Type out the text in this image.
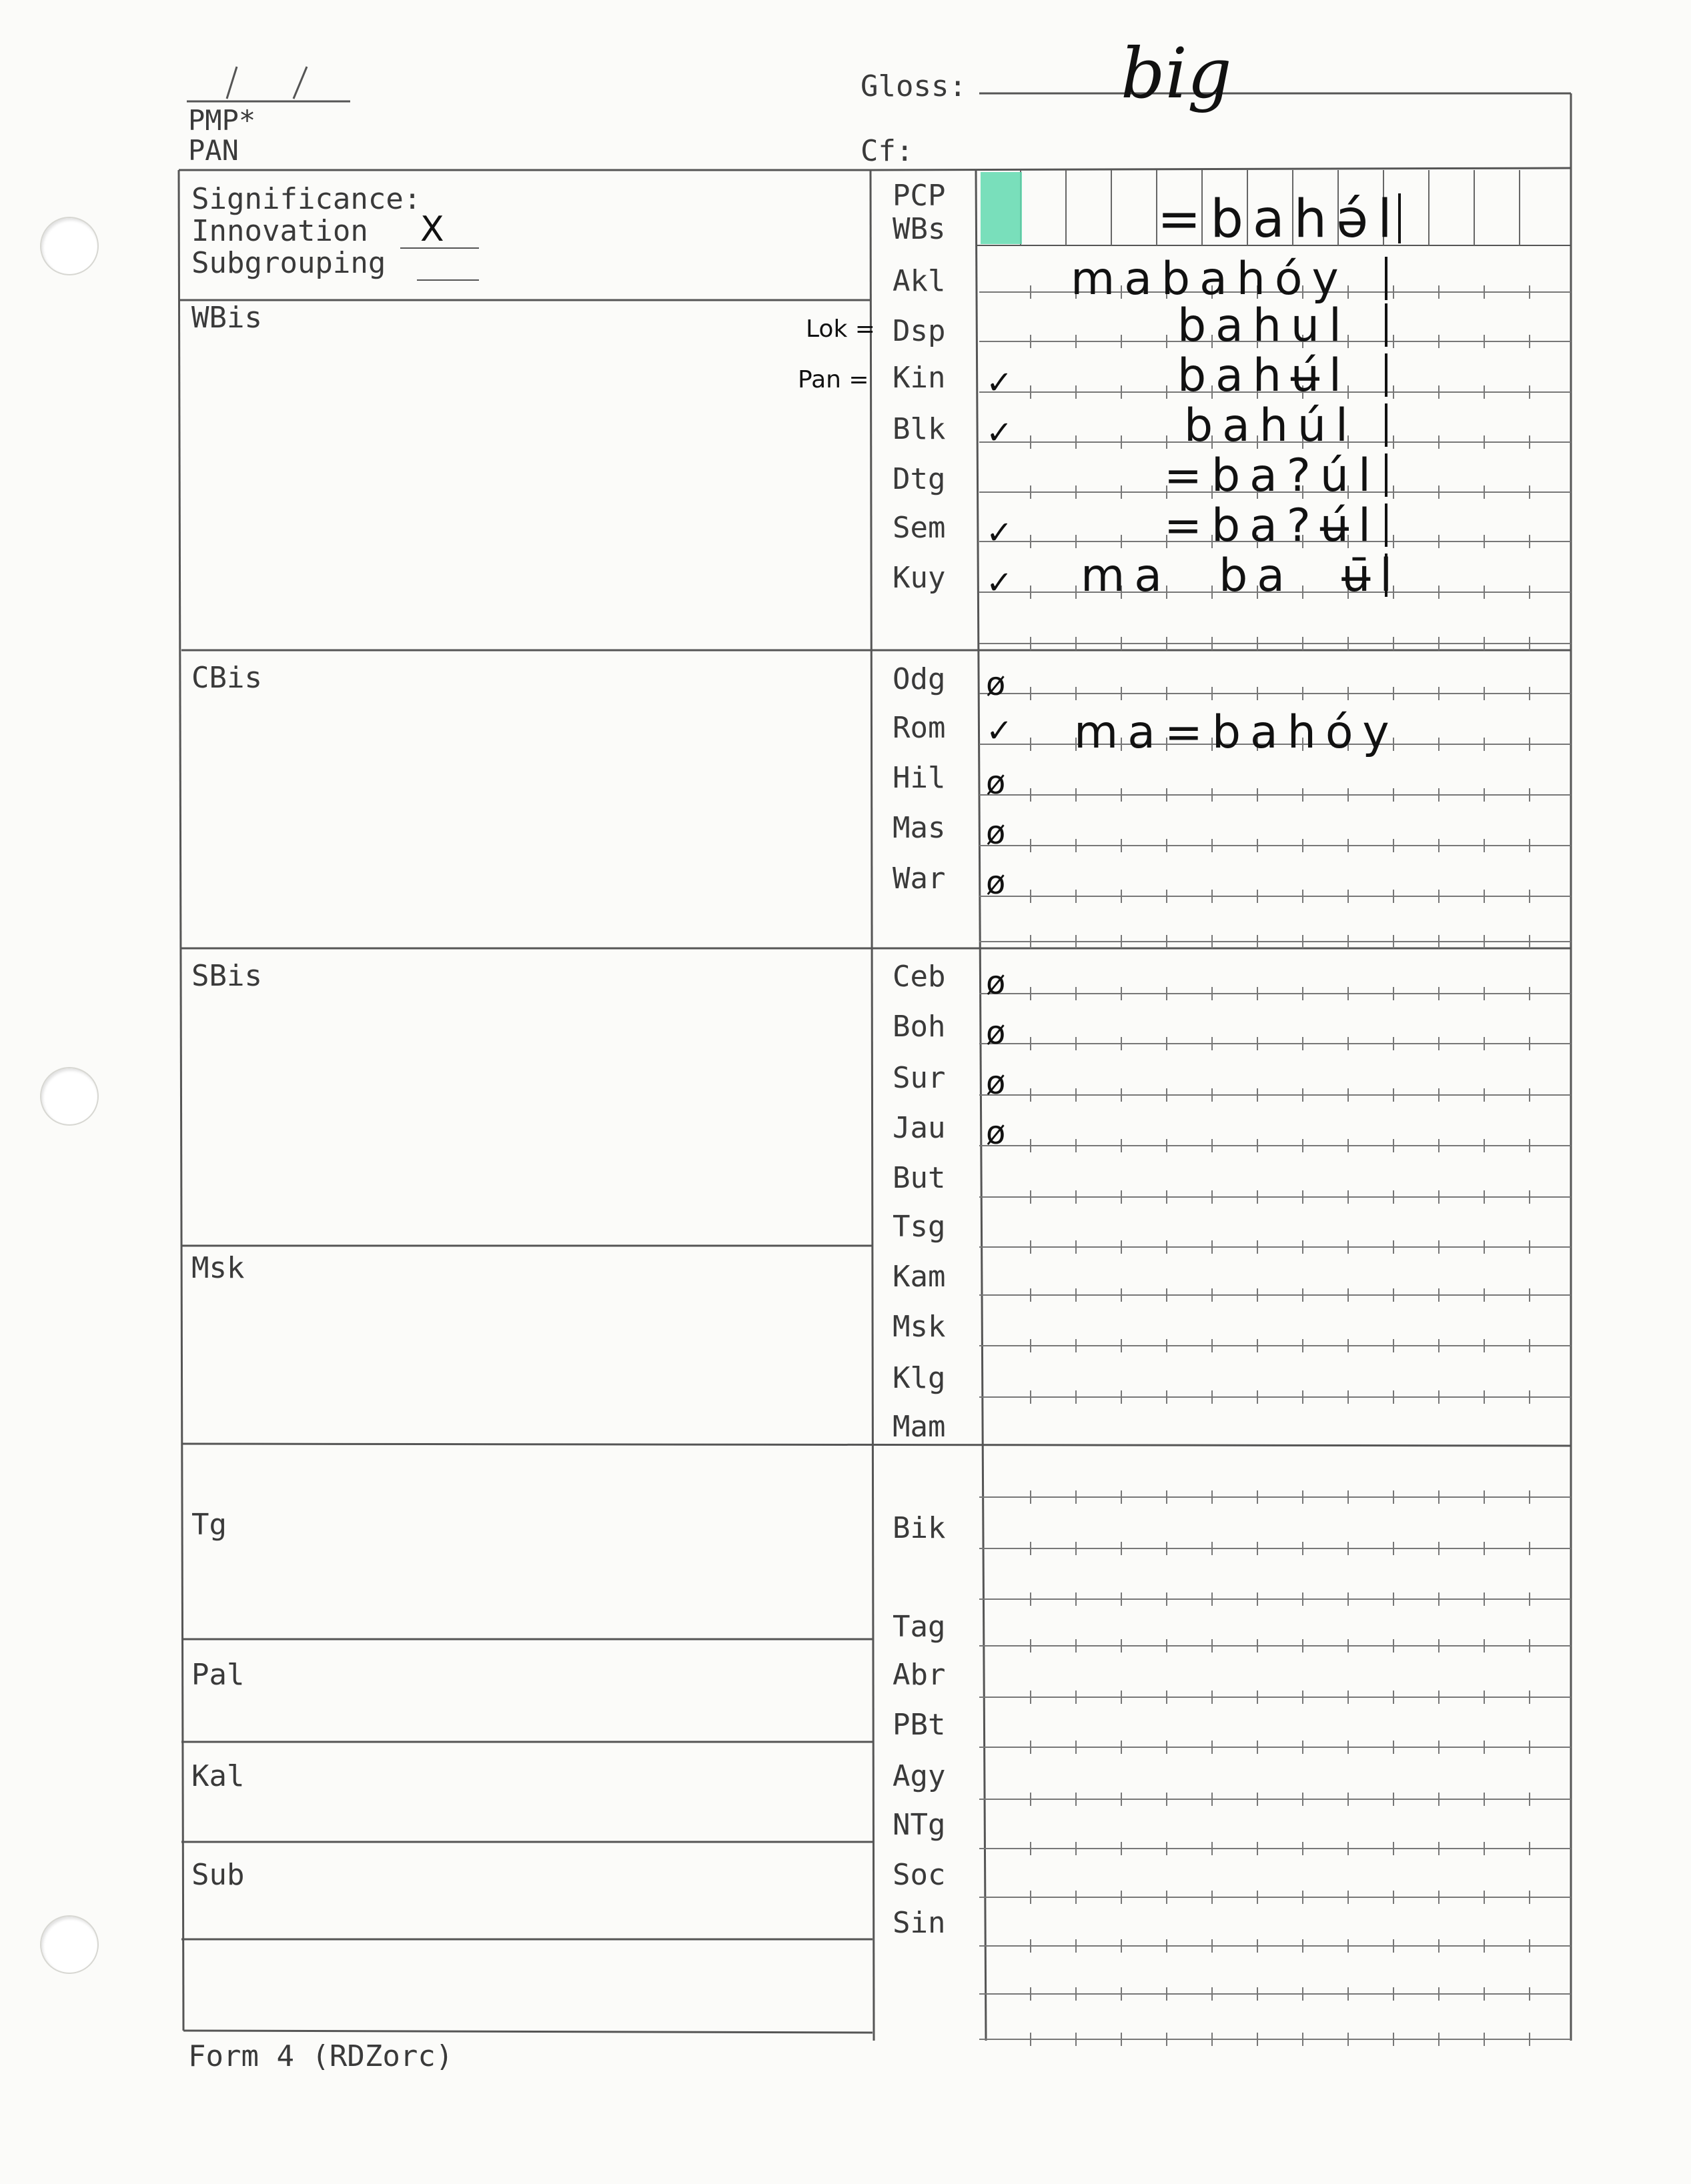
PMP*
PAN
Gloss: big
Cf:
Significance:
Innovation X
Subgrouping
WBis
CBis
SBis
Msk
Tg
Pal
Kal
Sub
Lok =
Pan =
PCP
WBs
Akl
Dsp
Kin
Blk
Dtg
Sem
Kuy
Odg
Rom
Hil
Mas
War
Ceb
Boh
Sur
Jau
But
Tsg
Kam
Msk
Klg
Mam
Bik
Tag
Abr
PBt
Agy
NTg
Soc
Sin
✓
✓
✓
✓
ø
✓
ø
ø
ø
ø
ø
ø
ø
=bahə́l
mabahóy
bahul
bahʉ́l
bahúl
=ba?úl
=ba?ʉ́l
ma  ba  ʉ̄l
ma=bahóy
Form 4 (RDZorc)
